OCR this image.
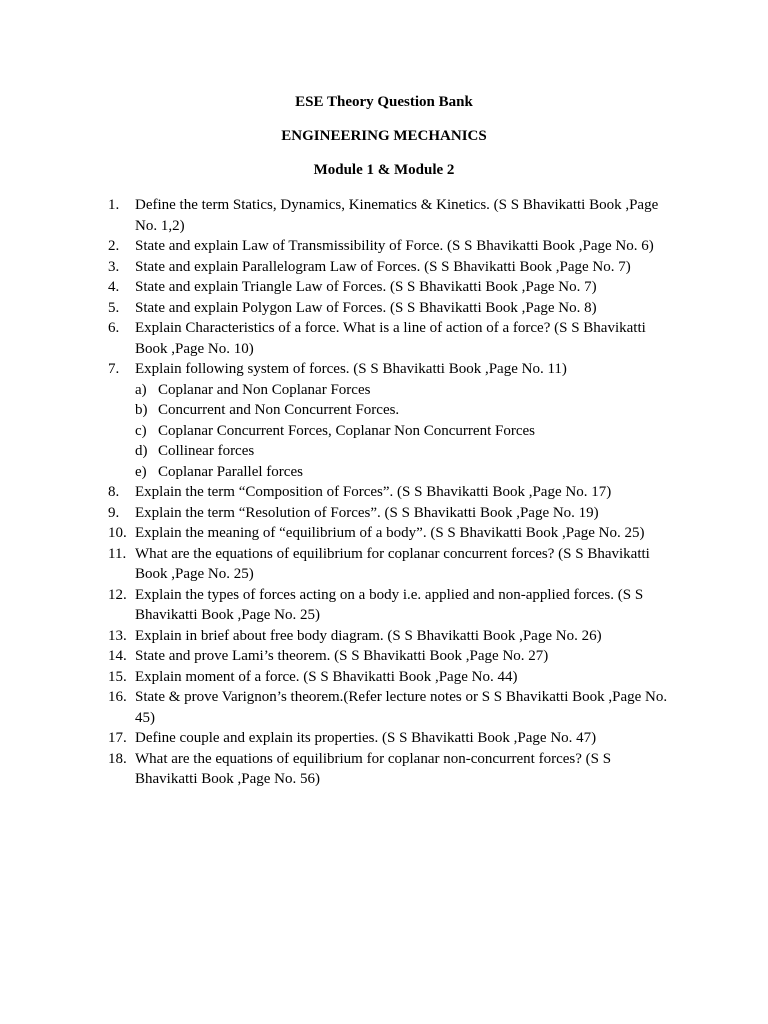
ESE Theory Question Bank
ENGINEERING MECHANICS
Module 1 & Module 2
1.	Define the term Statics, Dynamics, Kinematics & Kinetics. (S S Bhavikatti Book ,Page No. 1,2)
2.	State and explain Law of Transmissibility of Force. (S S Bhavikatti Book ,Page No. 6)
3.	State and explain Parallelogram Law of Forces. (S S Bhavikatti Book ,Page No. 7)
4.	State and explain Triangle Law of Forces. (S S Bhavikatti Book ,Page No. 7)
5.	State and explain Polygon Law of Forces. (S S Bhavikatti Book ,Page No. 8)
6.	Explain Characteristics of a force. What is a line of action of a force? (S S Bhavikatti Book ,Page No. 10)
7.	Explain following system of forces. (S S Bhavikatti Book ,Page No. 11)
a) Coplanar and Non Coplanar Forces
b) Concurrent and Non Concurrent Forces.
c) Coplanar Concurrent Forces, Coplanar Non Concurrent Forces
d) Collinear forces
e) Coplanar Parallel forces
8.	Explain the term “Composition of Forces”. (S S Bhavikatti Book ,Page No. 17)
9.	Explain the term “Resolution of Forces”. (S S Bhavikatti Book ,Page No. 19)
10. Explain the meaning of “equilibrium of a body”. (S S Bhavikatti Book ,Page No. 25)
11. What are the equations of equilibrium for coplanar concurrent forces? (S S Bhavikatti Book ,Page No. 25)
12. Explain the types of forces acting on a body i.e. applied and non-applied forces. (S S Bhavikatti Book ,Page No. 25)
13. Explain in brief about free body diagram. (S S Bhavikatti Book ,Page No. 26)
14. State and prove Lami’s theorem. (S S Bhavikatti Book ,Page No. 27)
15. Explain moment of a force. (S S Bhavikatti Book ,Page No. 44)
16. State & prove Varignon’s theorem.(Refer lecture notes or S S Bhavikatti Book ,Page No. 45)
17. Define couple and explain its properties. (S S Bhavikatti Book ,Page No. 47)
18. What are the equations of equilibrium for coplanar non-concurrent forces? (S S Bhavikatti Book ,Page No. 56)
